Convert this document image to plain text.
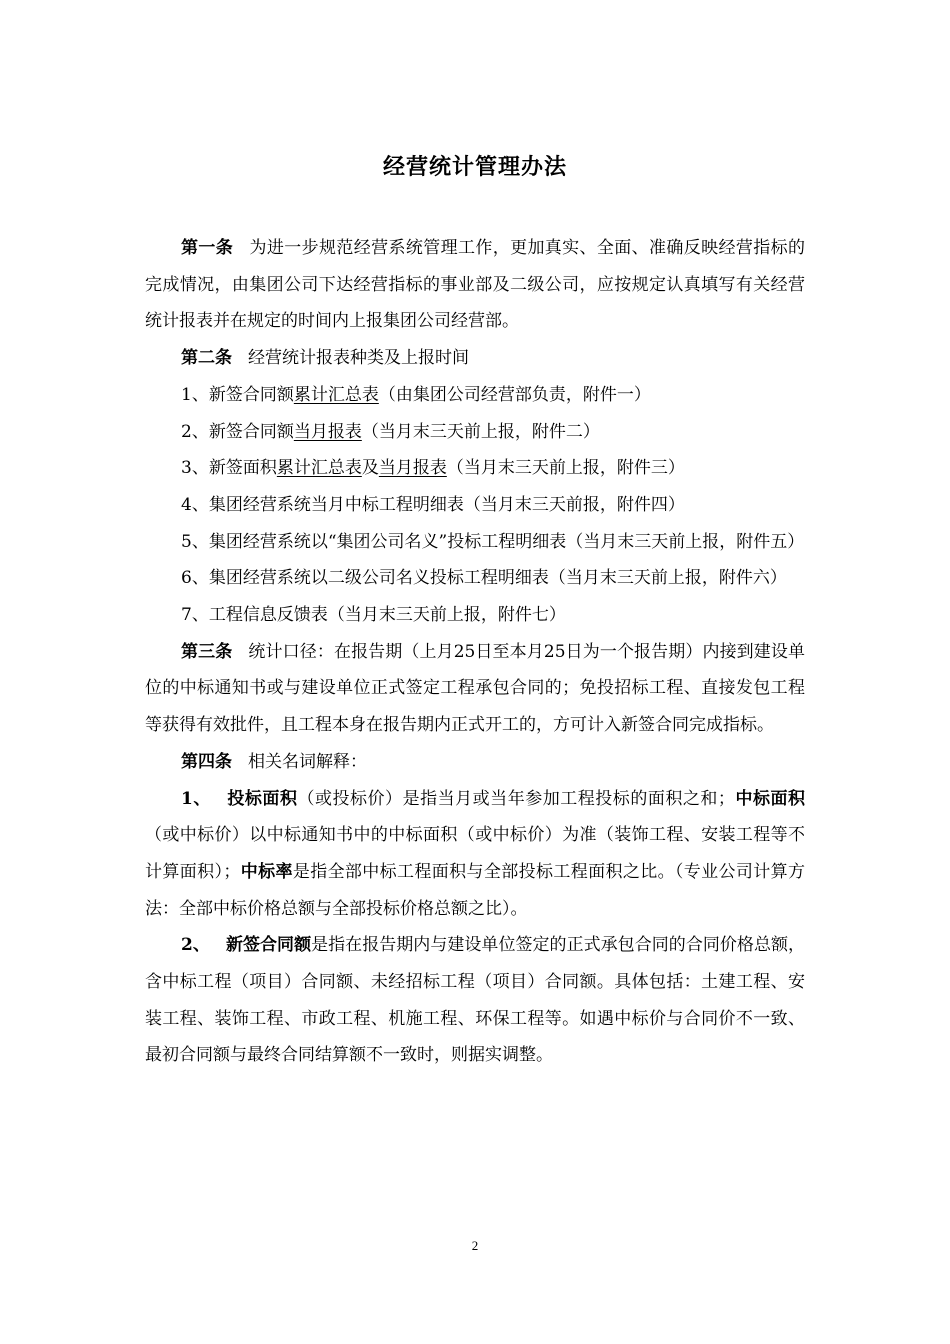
经营统计管理办法

第一条 为进一步规范经营系统管理工作，更加真实、全面、准确反映经营指标的完成情况，由集团公司下达经营指标的事业部及二级公司，应按规定认真填写有关经营统计报表并在规定的时间内上报集团公司经营部。

第二条 经营统计报表种类及上报时间

1、新签合同额累计汇总表（由集团公司经营部负责，附件一）

2、新签合同额当月报表（当月末三天前上报，附件二）

3、新签面积累计汇总表及当月报表（当月末三天前上报，附件三）

4、集团经营系统当月中标工程明细表（当月末三天前报，附件四）

5、集团经营系统以“集团公司名义”投标工程明细表（当月末三天前上报，附件五）

6、集团经营系统以二级公司名义投标工程明细表（当月末三天前上报，附件六）

7、工程信息反馈表（当月末三天前上报，附件七）

第三条 统计口径：在报告期（上月25日至本月25日为一个报告期）内接到建设单位的中标通知书或与建设单位正式签定工程承包合同的；免投招标工程、直接发包工程等获得有效批件，且工程本身在报告期内正式开工的，方可计入新签合同完成指标。

第四条 相关名词解释：

1、 投标面积（或投标价）是指当月或当年参加工程投标的面积之和；中标面积（或中标价）以中标通知书中的中标面积（或中标价）为准（装饰工程、安装工程等不计算面积）；中标率是指全部中标工程面积与全部投标工程面积之比。（专业公司计算方法：全部中标价格总额与全部投标价格总额之比）。

2、 新签合同额是指在报告期内与建设单位签定的正式承包合同的合同价格总额，含中标工程（项目）合同额、未经招标工程（项目）合同额。具体包括：土建工程、安装工程、装饰工程、市政工程、机施工程、环保工程等。如遇中标价与合同价不一致、最初合同额与最终合同结算额不一致时，则据实调整。

2
